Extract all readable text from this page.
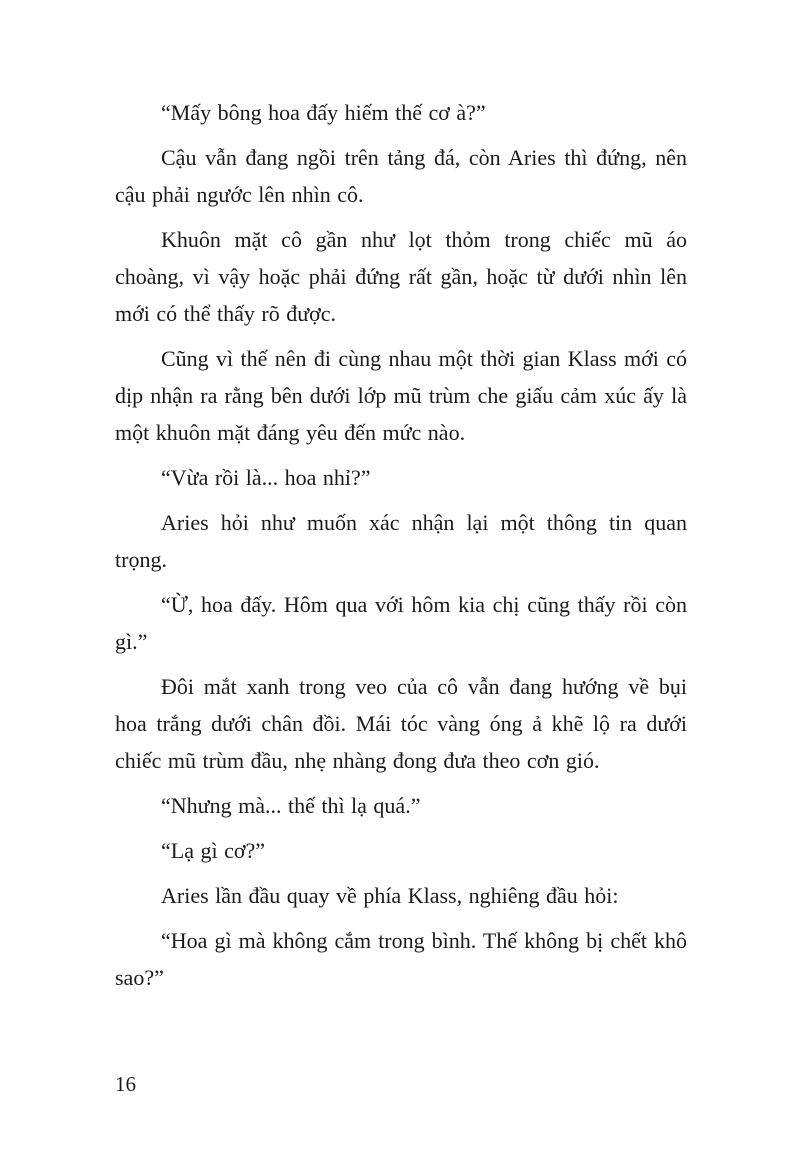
“Mấy bông hoa đấy hiếm thế cơ à?”

Cậu vẫn đang ngồi trên tảng đá, còn Aries thì đứng, nên cậu phải ngước lên nhìn cô.

Khuôn mặt cô gần như lọt thỏm trong chiếc mũ áo choàng, vì vậy hoặc phải đứng rất gần, hoặc từ dưới nhìn lên mới có thể thấy rõ được.

Cũng vì thế nên đi cùng nhau một thời gian Klass mới có dịp nhận ra rằng bên dưới lớp mũ trùm che giấu cảm xúc ấy là một khuôn mặt đáng yêu đến mức nào.

“Vừa rồi là... hoa nhỉ?”

Aries hỏi như muốn xác nhận lại một thông tin quan trọng.

“Ừ, hoa đấy. Hôm qua với hôm kia chị cũng thấy rồi còn gì.”

Đôi mắt xanh trong veo của cô vẫn đang hướng về bụi hoa trắng dưới chân đồi. Mái tóc vàng óng ả khẽ lộ ra dưới chiếc mũ trùm đầu, nhẹ nhàng đong đưa theo cơn gió.

“Nhưng mà... thế thì lạ quá.”

“Lạ gì cơ?”

Aries lần đầu quay về phía Klass, nghiêng đầu hỏi:

“Hoa gì mà không cắm trong bình. Thế không bị chết khô sao?”

16
